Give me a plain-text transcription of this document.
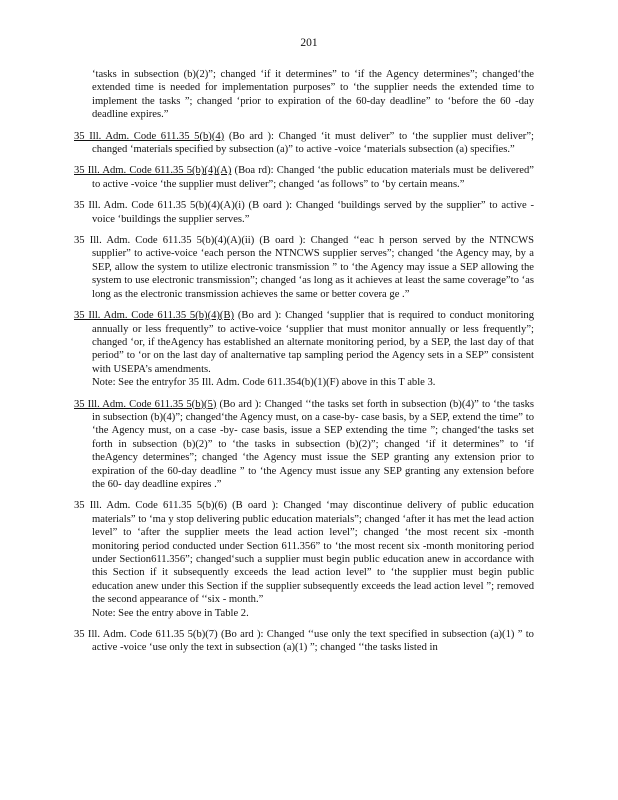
201
‘tasks in subsection (b)(2)”; changed ‘if it determines” to ‘if the Agency determines”; changed‘the extended time is needed for implementation purposes” to ‘the supplier needs the extended time to implement the tasks ”; changed ‘prior to expiration of the 60-day deadline” to ‘before the 60 -day deadline expires.”
35 Ill. Adm. Code 611.35 5(b)(4) (Bo ard ): Changed ‘it must deliver” to ‘the supplier must deliver”; changed ‘materials specified by subsection (a)” to active -voice ‘materials subsection (a) specifies.”
35 Ill. Adm. Code 611.35 5(b)(4)(A) (Boa rd): Changed ‘the public education materials must be delivered” to active -voice ‘the supplier must deliver”; changed ‘as follows” to ‘by certain means.”
35 Ill. Adm. Code 611.35 5(b)(4)(A)(i) (B oard ): Changed ‘buildings served by the supplier” to active -voice ‘buildings the supplier serves.”
35 Ill. Adm. Code 611.35 5(b)(4)(A)(ii) (B oard ): Changed ‘‘eac h person served by the NTNCWS supplier” to active-voice ‘each person the NTNCWS supplier serves”; changed ‘the Agency may, by a SEP, allow the system to utilize electronic transmission ” to ‘the Agency may issue a SEP allowing the system to use electronic transmission”; changed ‘as long as it achieves at least the same coverage”to ‘as long as the electronic transmission achieves the same or better covera ge .”
35 Ill. Adm. Code 611.35 5(b)(4)(B) (Bo ard ): Changed ‘supplier that is required to conduct monitoring annually or less frequently” to active-voice ‘supplier that must monitor annually or less frequently”; changed ‘or, if theAgency has established an alternate monitoring period, by a SEP, the last day of that period” to ‘or on the last day of analternative tap sampling period the Agency sets in a SEP” consistent with USEPA’s amendments.
Note: See the entryfor 35 Ill. Adm. Code 611.354(b)(1)(F) above in this T able 3.
35 Ill. Adm. Code 611.35 5(b)(5) (Bo ard ): Changed ‘‘the tasks set forth in subsection (b)(4)” to ‘the tasks in subsection (b)(4)”; changed‘the Agency must, on a case-by- case basis, by a SEP, extend the time” to ‘the Agency must, on a case -by- case basis, issue a SEP extending the time ”; changed‘the tasks set forth in subsection (b)(2)” to ‘the tasks in subsection (b)(2)”; changed ‘if it determines” to ‘if theAgency determines”; changed ‘the Agency must issue the SEP granting any extension prior to expiration of the 60-day deadline ” to ‘the Agency must issue any SEP granting any extension before the 60- day deadline expires .”
35 Ill. Adm. Code 611.35 5(b)(6) (B oard ): Changed ‘may discontinue delivery of public education materials” to ‘ma y stop delivering public education materials”; changed ‘after it has met the lead action level” to ‘after the supplier meets the lead action level”; changed ‘the most recent six -month monitoring period conducted under Section 611.356” to ‘the most recent six -month monitoring period under Section611.356”; changed‘such a supplier must begin public education anew in accordance with this Section if it subsequently exceeds the lead action level” to ‘the supplier must begin public education anew under this Section if the supplier subsequently exceeds the lead action level ”; removed the second appearance of ‘‘six - month.”
Note: See the entry above in Table 2.
35 Ill. Adm. Code 611.35 5(b)(7) (Bo ard ): Changed ‘‘use only the text specified in subsection (a)(1) ” to active -voice ‘use only the text in subsection (a)(1) ”; changed ‘‘the tasks listed in
